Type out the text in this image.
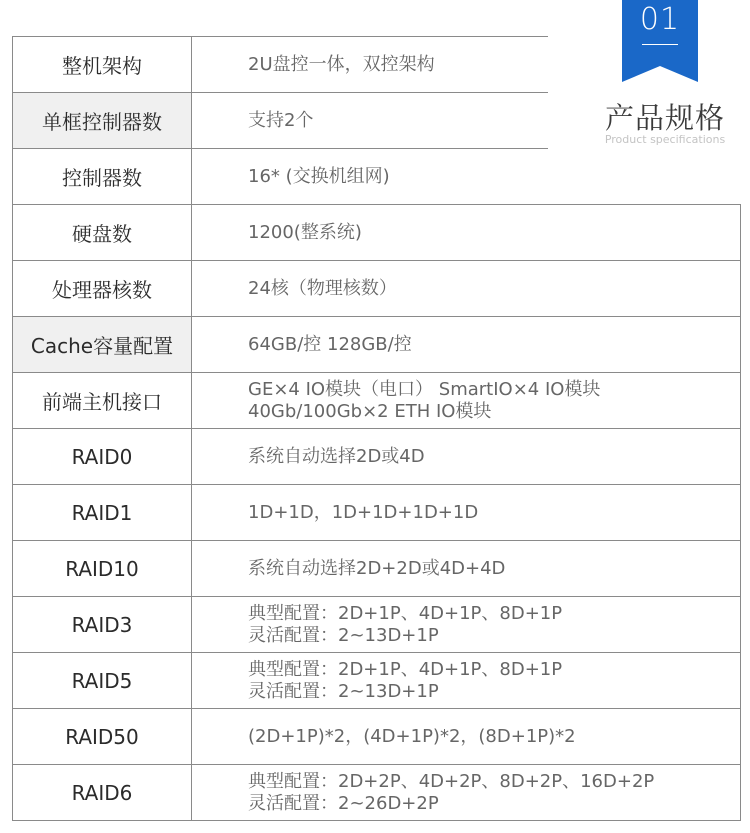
整机架构	2U盘控一体，双控架构

单框控制器数	支持2个

控制器数	16* (交换机组网)

硬盘数	1200(整系统)

处理器核数	24核（物理核数）

Cache容量配置	64GB/控 128GB/控

前端主机接口	GE×4 IO模块（电口） SmartIO×4 IO模块
40Gb/100Gb×2 ETH IO模块

RAID0	系统自动选择2D或4D

RAID1	1D+1D，1D+1D+1D+1D

RAID10	系统自动选择2D+2D或4D+4D

RAID3	典型配置：2D+1P、4D+1P、8D+1P
灵活配置：2~13D+1P

RAID5	典型配置：2D+1P、4D+1P、8D+1P
灵活配置：2~13D+1P

RAID50	(2D+1P)*2，(4D+1P)*2，(8D+1P)*2

RAID6	典型配置：2D+2P、4D+2P、8D+2P、16D+2P
灵活配置：2~26D+2P
01
产品规格
Product specifications
